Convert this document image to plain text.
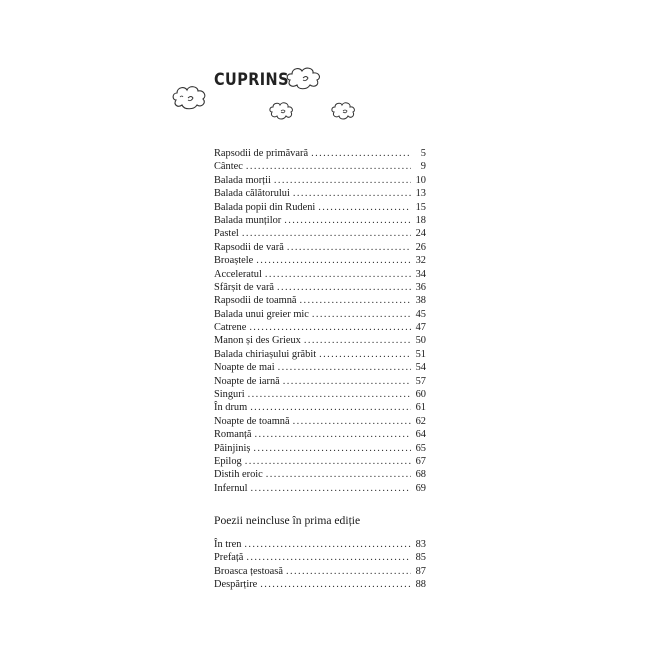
CUPRINS
Rapsodii de primăvară . . .	5
Cântec . . .	9
Balada morții . . .	10
Balada călătorului . . .	13
Balada popii din Rudeni . . .	15
Balada munților . . .	18
Pastel . . .	24
Rapsodii de vară . . .	26
Broaștele . . .	32
Acceleratul . . .	34
Sfârșit de vară . . .	36
Rapsodii de toamnă . . .	38
Balada unui greier mic . . .	45
Catrene . . .	47
Manon și des Grieux . . .	50
Balada chiriașului grăbit . . .	51
Noapte de mai . . .	54
Noapte de iarnă . . .	57
Singuri . . .	60
În drum . . .	61
Noapte de toamnă . . .	62
Romanță . . .	64
Păinjiniș . . .	65
Epilog . . .	67
Distih eroic . . .	68
Infernul . . .	69
Poezii neincluse în prima ediție
În tren . . .	83
Prefață . . .	85
Broasca țestoasă . . .	87
Despărțire . . .	88
